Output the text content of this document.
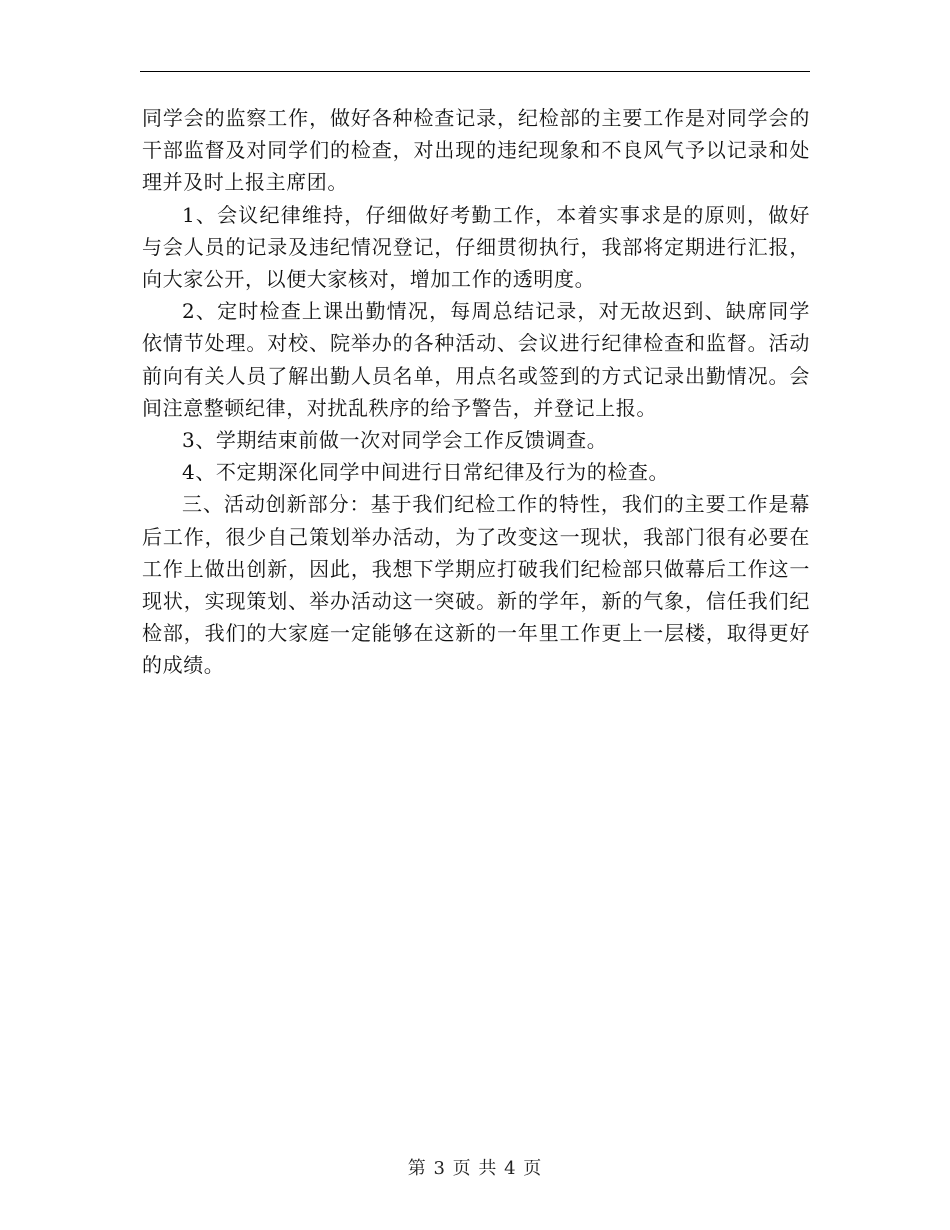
同学会的监察工作，做好各种检查记录，纪检部的主要工作是对同学会的干部监督及对同学们的检查，对出现的违纪现象和不良风气予以记录和处理并及时上报主席团。

1、会议纪律维持，仔细做好考勤工作，本着实事求是的原则，做好与会人员的记录及违纪情况登记，仔细贯彻执行，我部将定期进行汇报，向大家公开，以便大家核对，增加工作的透明度。

2、定时检查上课出勤情况，每周总结记录，对无故迟到、缺席同学依情节处理。对校、院举办的各种活动、会议进行纪律检查和监督。活动前向有关人员了解出勤人员名单，用点名或签到的方式记录出勤情况。会间注意整顿纪律，对扰乱秩序的给予警告，并登记上报。

3、学期结束前做一次对同学会工作反馈调查。

4、不定期深化同学中间进行日常纪律及行为的检查。

三、活动创新部分：基于我们纪检工作的特性，我们的主要工作是幕后工作，很少自己策划举办活动，为了改变这一现状，我部门很有必要在工作上做出创新，因此，我想下学期应打破我们纪检部只做幕后工作这一现状，实现策划、举办活动这一突破。新的学年，新的气象，信任我们纪检部，我们的大家庭一定能够在这新的一年里工作更上一层楼，取得更好的成绩。

第 3 页 共 4 页
